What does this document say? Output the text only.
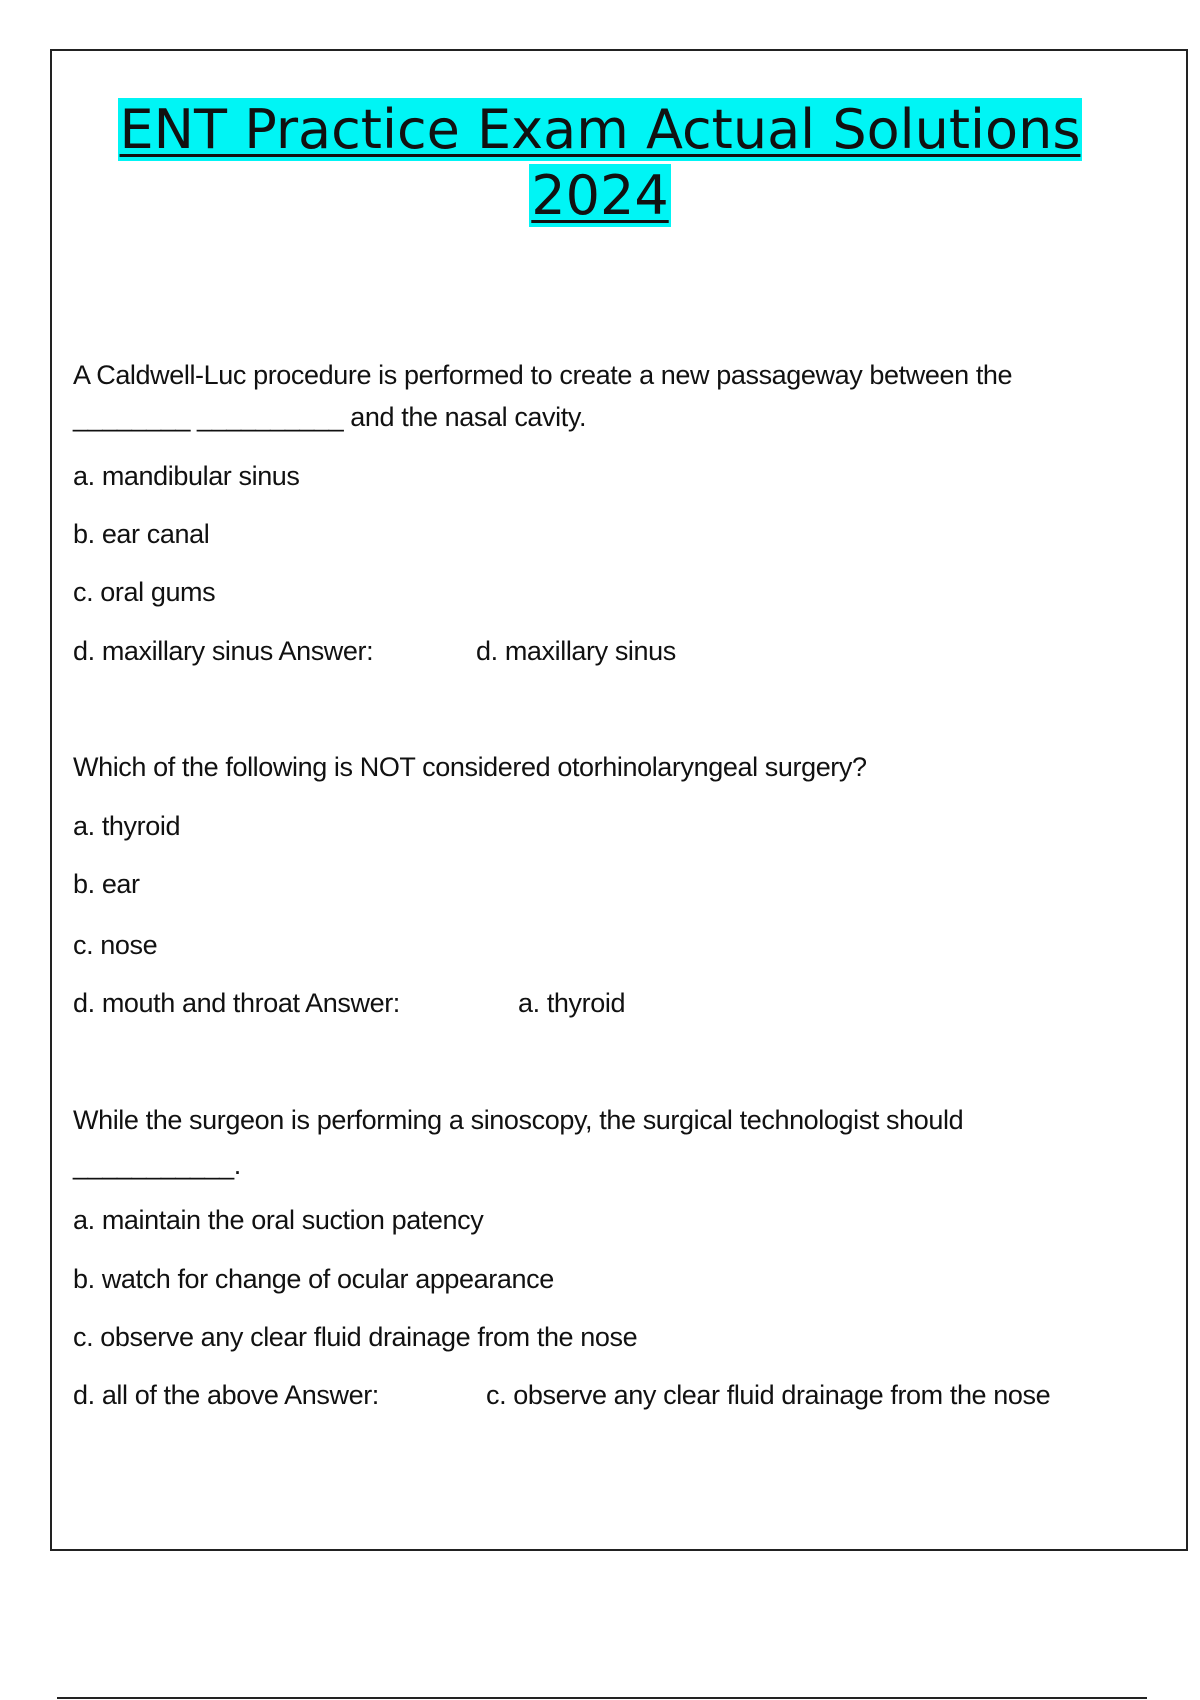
ENT Practice Exam Actual Solutions
2024
A Caldwell-Luc procedure is performed to create a new passageway between the
________ __________ and the nasal cavity.
a. mandibular sinus
b. ear canal
c. oral gums
d. maxillary sinus Answer:	d. maxillary sinus
Which of the following is NOT considered otorhinolaryngeal surgery?
a. thyroid
b. ear
c. nose
d. mouth and throat Answer:	a. thyroid
While the surgeon is performing a sinoscopy, the surgical technologist should
___________.
a. maintain the oral suction patency
b. watch for change of ocular appearance
c. observe any clear fluid drainage from the nose
d. all of the above Answer:	c. observe any clear fluid drainage from the nose
